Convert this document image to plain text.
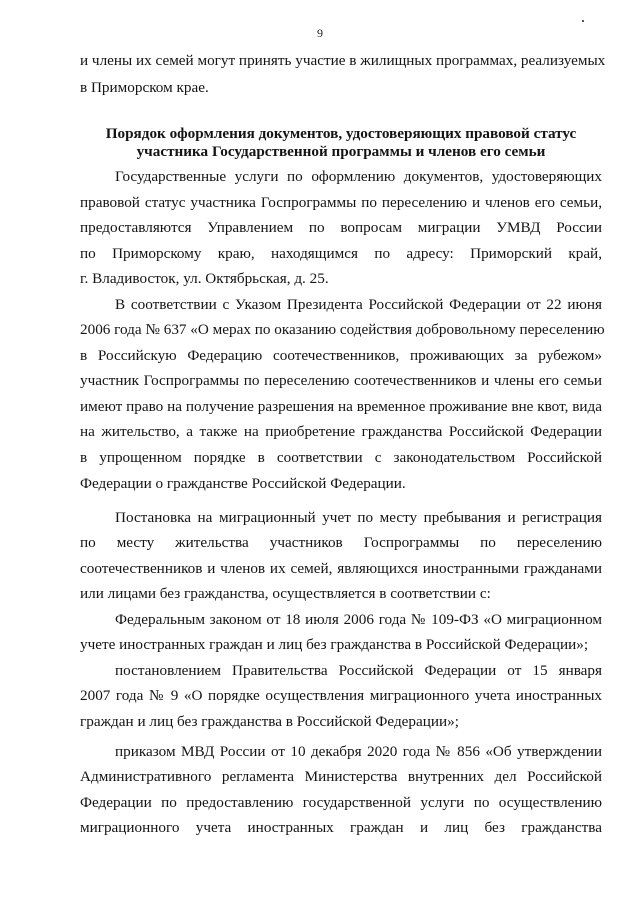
9
и члены их семей могут принять участие в жилищных программах, реализуемых
в Приморском крае.
Порядок оформления документов, удостоверяющих правовой статус
участника Государственной программы и членов его семьи
Государственные услуги по оформлению документов, удостоверяющих
правовой статус участника Госпрограммы по переселению и членов его семьи,
предоставляются Управлением по вопросам миграции УМВД России
по Приморскому краю, находящимся по адресу: Приморский край,
г. Владивосток, ул. Октябрьская, д. 25.
В соответствии с Указом Президента Российской Федерации от 22 июня
2006 года № 637 «О мерах по оказанию содействия добровольному переселению
в Российскую Федерацию соотечественников, проживающих за рубежом»
участник Госпрограммы по переселению соотечественников и члены его семьи
имеют право на получение разрешения на временное проживание вне квот, вида
на жительство, а также на приобретение гражданства Российской Федерации
в упрощенном порядке в соответствии с законодательством Российской
Федерации о гражданстве Российской Федерации.
Постановка на миграционный учет по месту пребывания и регистрация
по месту жительства участников Госпрограммы по переселению
соотечественников и членов их семей, являющихся иностранными гражданами
или лицами без гражданства, осуществляется в соответствии с:
Федеральным законом от 18 июля 2006 года № 109-ФЗ «О миграционном
учете иностранных граждан и лиц без гражданства в Российской Федерации»;
постановлением Правительства Российской Федерации от 15 января
2007 года № 9 «О порядке осуществления миграционного учета иностранных
граждан и лиц без гражданства в Российской Федерации»;
приказом МВД России от 10 декабря 2020 года № 856 «Об утверждении
Административного регламента Министерства внутренних дел Российской
Федерации по предоставлению государственной услуги по осуществлению
миграционного учета иностранных граждан и лиц без гражданства
